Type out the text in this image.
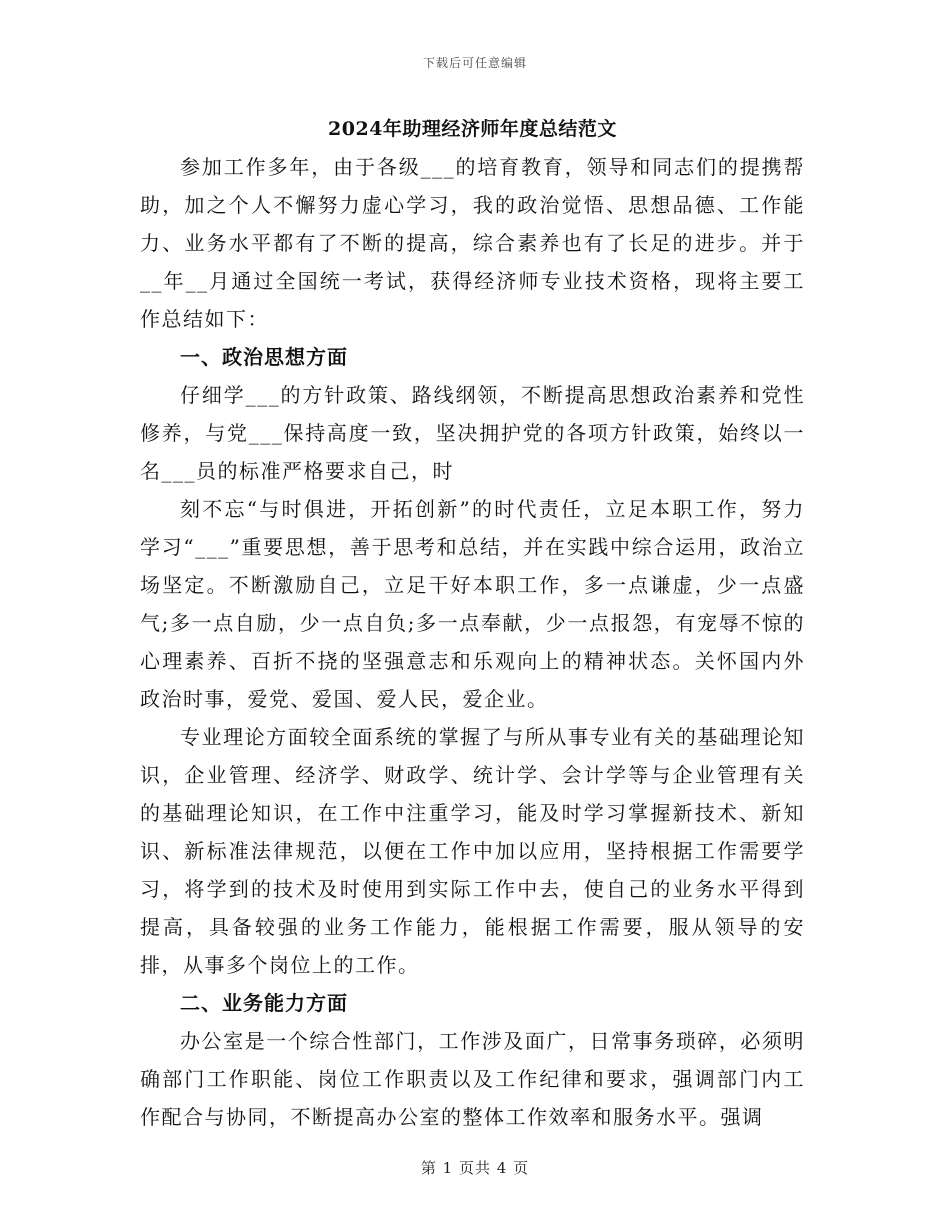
下载后可任意编辑
2024年助理经济师年度总结范文

参加工作多年，由于各级___的培育教育，领导和同志们的提携帮助，加之个人不懈努力虚心学习，我的政治觉悟、思想品德、工作能力、业务水平都有了不断的提高，综合素养也有了长足的进步。并于__年__月通过全国统一考试，获得经济师专业技术资格，现将主要工作总结如下：

一、政治思想方面

仔细学___的方针政策、路线纲领，不断提高思想政治素养和党性修养，与党___保持高度一致，坚决拥护党的各项方针政策，始终以一名___员的标准严格要求自己，时

刻不忘“与时俱进，开拓创新”的时代责任，立足本职工作，努力学习“___”重要思想，善于思考和总结，并在实践中综合运用，政治立场坚定。不断激励自己，立足干好本职工作，多一点谦虚，少一点盛气;多一点自励，少一点自负;多一点奉献，少一点报怨，有宠辱不惊的心理素养、百折不挠的坚强意志和乐观向上的精神状态。关怀国内外政治时事，爱党、爱国、爱人民，爱企业。

专业理论方面较全面系统的掌握了与所从事专业有关的基础理论知识，企业管理、经济学、财政学、统计学、会计学等与企业管理有关的基础理论知识，在工作中注重学习，能及时学习掌握新技术、新知识、新标准法律规范，以便在工作中加以应用，坚持根据工作需要学习，将学到的技术及时使用到实际工作中去，使自己的业务水平得到提高，具备较强的业务工作能力，能根据工作需要，服从领导的安排，从事多个岗位上的工作。

二、业务能力方面

办公室是一个综合性部门，工作涉及面广，日常事务琐碎，必须明确部门工作职能、岗位工作职责以及工作纪律和要求，强调部门内工作配合与协同，不断提高办公室的整体工作效率和服务水平。强调

第 1 页共 4 页
